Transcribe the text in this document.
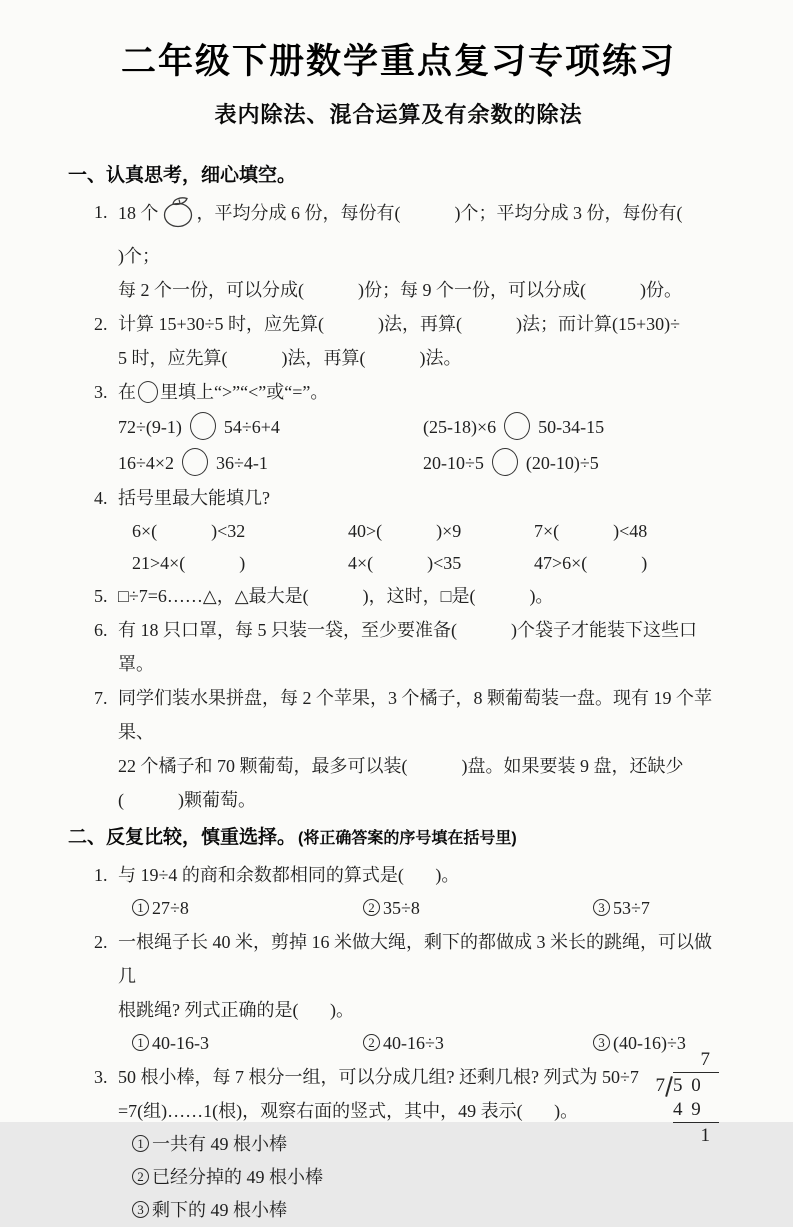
二年级下册数学重点复习专项练习
表内除法、混合运算及有余数的除法
一、认真思考，细心填空。
1. 18 个 ，平均分成 6 份，每份有(            )个；平均分成 3 份，每份有(            )个；
每 2 个一份，可以分成(            )份；每 9 个一份，可以分成(            )份。
2. 计算 15+30÷5 时，应先算(            )法，再算(            )法；而计算(15+30)÷
5 时，应先算(            )法，再算(            )法。
3. 在 里填上“>”“<”或“=”。
72÷(9-1) 54÷6+4	(25-18)×6 50-34-15
16÷4×2 36÷4-1	20-10÷5 (20-10)÷5
4. 括号里最大能填几?
6×(            )<32	40>(            )×9	7×(            )<48
21>4×(            )	4×(            )<35	47>6×(            )
5. □÷7=6……△，△最大是(            )，这时，□是(            )。
6. 有 18 只口罩，每 5 只装一袋，至少要准备(            )个袋子才能装下这些口罩。
7. 同学们装水果拼盘，每 2 个苹果，3 个橘子，8 颗葡萄装一盘。现有 19 个苹果、
22 个橘子和 70 颗葡萄，最多可以装(            )盘。如果要装 9 盘，还缺少
(            )颗葡萄。
二、反复比较，慎重选择。 (将正确答案的序号填在括号里)
1. 与 19÷4 的商和余数都相同的算式是(       )。
1 27÷8	2 35÷8	3 53÷7
2. 一根绳子长 40 米，剪掉 16 米做大绳，剩下的都做成 3 米长的跳绳，可以做几
根跳绳? 列式正确的是(       )。
1 40-16-3	2 40-16÷3	3 (40-16)÷3
3. 50 根小棒，每 7 根分一组，可以分成几组? 还剩几根? 列式为 50÷7
=7(组)……1(根)，观察右面的竖式，其中，49 表示(       )。
1 一共有 49 根小棒
2 已经分掉的 49 根小棒
3 剩下的 49 根小棒
7
7 5 0
4 9
1
